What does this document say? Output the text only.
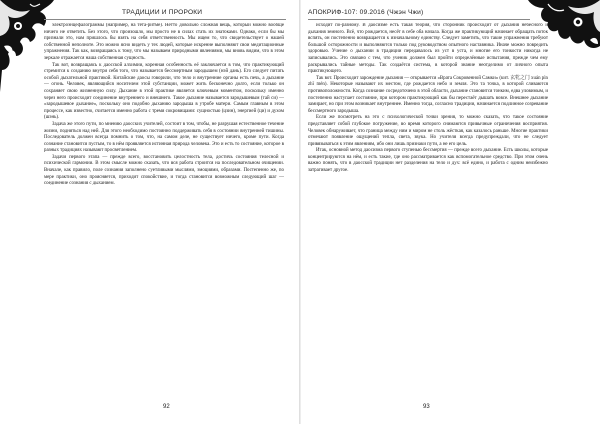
ТРАДИЦИИ И ПРОРОКИ

электроэнцефалограммы (например, на тета-ритме). Нетто довольно сложная вещь, который можно вообще ничего не ответить. Без этого, что произошло, мы просто не в силах стать их знатоками. Однако, если бы мы признали это, нам пришлось бы взять на себя ответственность. Мы ищем то, что свидетельствует о нашей собственной неполноте. Это можно ясно видеть у тех людей, которые искренне выполняют свои медитационные упражнения. Так как, возвращаясь к тому, что мы называем природными явлениями, мы вновь видим, что в этом зеркале отражается наша собственная сущность.

Так вот, возвращаясь к даосской алхимии, коренная особенность её заключается в том, что практикующий стремится к созданию внутри себя того, что называется бессмертным зародышем (нэй дань). Его следует питать особой дыхательной практикой. Китайские даосы говорили, что тело и внутренние органы есть печь, а дыхание — огонь. Человек, являющийся носителем этой субстанции, может жить бесконечно долго, если только он сохраняет свою жизненную силу. Дыхание в этой практике является ключевым моментом, поскольку именно через него происходит соединение внутреннего и внешнего. Такое дыхание называется зародышевым (тай си) — «зародышевое дыхание», поскольку оно подобно дыханию зародыша в утробе матери. Самым главным в этом процессе, как известно, считается именно работа с тремя сокровищами: сущностью (цзин), энергией (ци) и духом (шэнь).

Задача же этого пути, по мнению даосских учителей, состоит в том, чтобы, не разрушая естественное течение жизни, подняться над ней. Для этого необходимо постоянно поддерживать себя в состоянии внутренней тишины. Последователь должен всегда помнить о том, что, на самом деле, не существует ничего, кроме пути. Когда сознание становится пустым, то в нём проявляется истинная природа человека. Это и есть то состояние, которое в разных традициях называют просветлением.

Задачи первого этапа — прежде всего, восстановить целостность тела, достичь состояния телесной и психической гармонии. В этом смысле можно сказать, что вся работа строится на последовательном очищении. Вначале, как правило, поле сознания заполнено суетливыми мыслями, эмоциями, образами. Постепенно же, по мере практики, оно проясняется, приходит спокойствие, и тогда становится возможным следующий шаг — соединение сознания с дыханием.

92
АПОКРИФ-107: 09.2016 (Чжэн Чжи)

исходит по-разному. В даосизме есть такая теория, что сторонник происходит от дыхания небесного и дыхания земного. Всё, что рождается, несёт в себе оба начала. Когда же практикующий начинает обращать поток вспять, он постепенно возвращается к изначальному единству. Следует заметить, что такие упражнения требуют большой осторожности и выполняются только под руководством опытного наставника. Иначе можно повредить здоровью. Учение о дыхании в традиции передавалось из уст в уста, и многие его тонкости никогда не записывались. Это связано с тем, что ученик должен был пройти определённые испытания, прежде чем ему раскрывались тайные методы. Так создаётся система, в которой знание неотделимо от личного опыта практикующего.

Так вот. Происходит зарождение дыхания — открывается «Врата Сокровенной Самки» (кит. 玄牝之门 xuán pìn zhī mén). Некоторые называют их местом, где рождается небо и земля. Это та точка, в которой сливаются противоположности. Когда сознание сосредоточено в этой области, дыхание становится тонким, едва уловимым, и постепенно наступает состояние, при котором практикующий как бы перестаёт дышать вовсе. Внешнее дыхание замирает, но при этом возникает внутреннее. Именно тогда, согласно традиции, начинается подлинное созревание бессмертного зародыша.

Если же посмотреть на это с психологической точки зрения, то можно сказать, что такое состояние представляет собой глубокое погружение, во время которого снимаются привычные ограничения восприятия. Человек обнаруживает, что граница между ним и миром не столь жёсткая, как казалось раньше. Многие практики отмечают появление ощущений тепла, света, звука. Но учителя всегда предупреждали, что не следует привязываться к этим явлениям, ибо они лишь признаки пути, а не его цель.

Итак, основной метод даосизма первого ступенью бессмертия — прежде всего дыхание. Есть школы, которые концентрируются на нём, и есть такие, где оно рассматривается как вспомогательное средство. При этом очень важно понять, что в даосской традиции нет разделения на тело и дух: всё едино, и работа с одним неизбежно затрагивает другое.

93
